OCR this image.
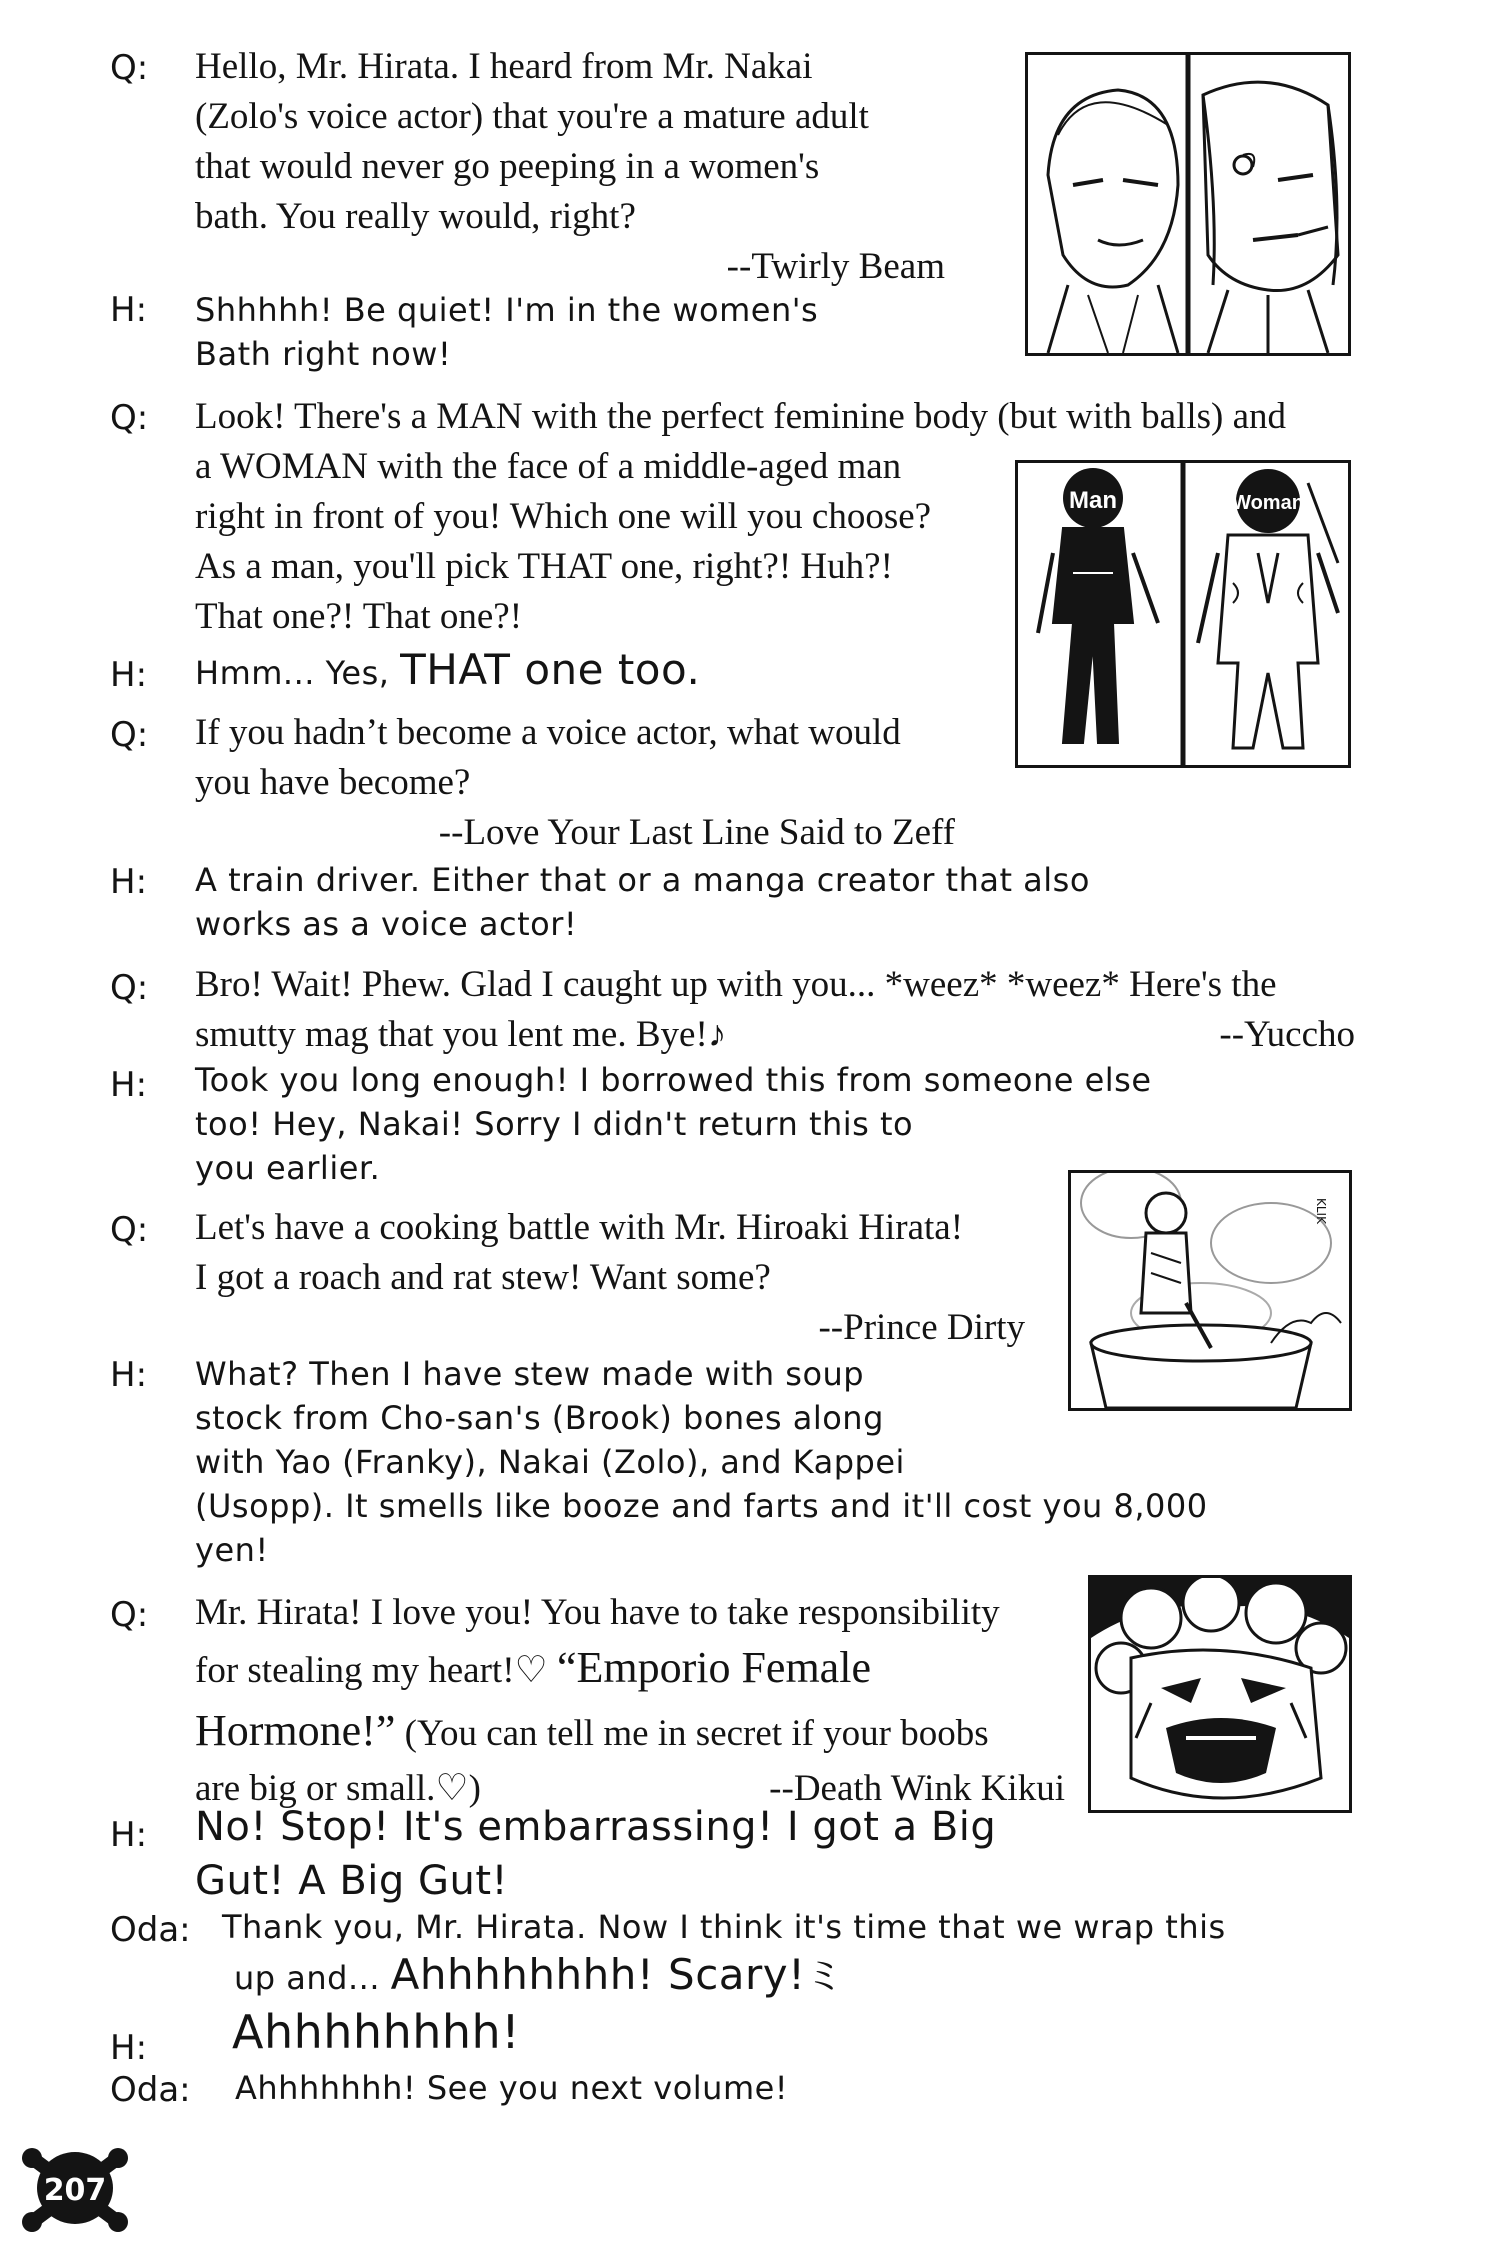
Q: Hello, Mr. Hirata. I heard from Mr. Nakai
(Zolo's voice actor) that you're a mature adult
that would never go peeping in a women's
bath. You really would, right?
--Twirly Beam
H: Shhhhh! Be quiet! I'm in the women's
Bath right now!
Q: Look! There's a MAN with the perfect feminine body (but with balls) and
a WOMAN with the face of a middle-aged man
right in front of you! Which one will you choose?
As a man, you'll pick THAT one, right?! Huh?!
That one?! That one?!
H: Hmm... Yes, THAT one too.
Man	Woman
Q: If you hadn’t become a voice actor, what would
you have become?
--Love Your Last Line Said to Zeff
H: A train driver. Either that or a manga creator that also
works as a voice actor!
Q: Bro! Wait! Phew. Glad I caught up with you... *weez* *weez* Here's the
smutty mag that you lent me. Bye!♪	--Yuccho
H: Took you long enough! I borrowed this from someone else
too! Hey, Nakai! Sorry I didn't return this to
you earlier.
KLIK
Q: Let's have a cooking battle with Mr. Hiroaki Hirata!
I got a roach and rat stew! Want some?
--Prince Dirty
H: What? Then I have stew made with soup
stock from Cho-san's (Brook) bones along
with Yao (Franky), Nakai (Zolo), and Kappei
(Usopp). It smells like booze and farts and it'll cost you 8,000
yen!
Q: Mr. Hirata! I love you! You have to take responsibility
for stealing my heart!♡ “Emporio Female
Hormone!” (You can tell me in secret if your boobs
are big or small.♡)	--Death Wink Kikui
H: No! Stop! It's embarrassing! I got a Big
Gut! A Big Gut!
Oda: Thank you, Mr. Hirata. Now I think it's time that we wrap this
up and... Ahhhhhhhh! Scary!ミ
H: Ahhhhhhhh!
Oda: Ahhhhhhh! See you next volume!
207
